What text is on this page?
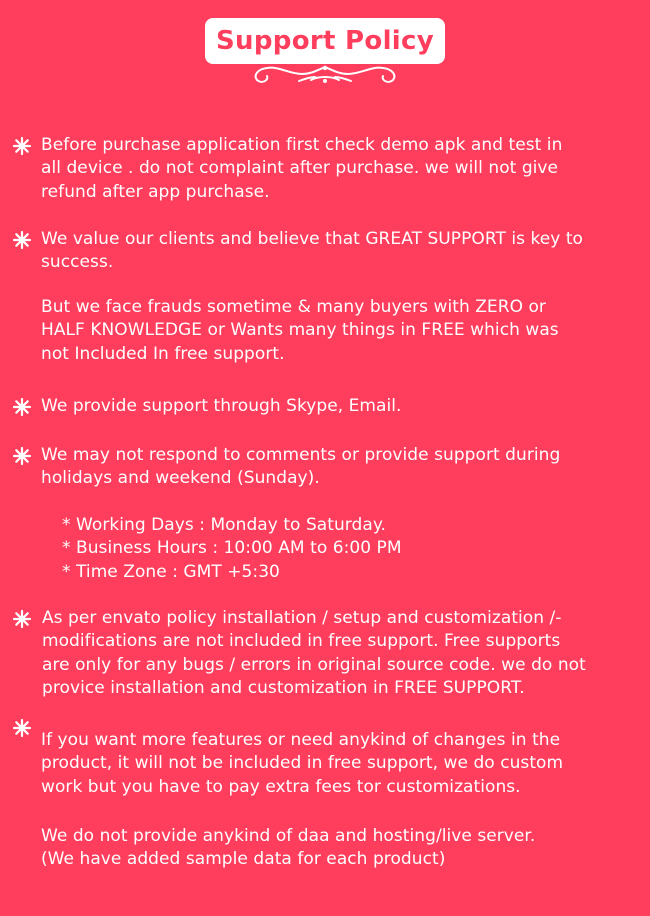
Support Policy
Before purchase application first check demo apk and test in
all device . do not complaint after purchase. we will not give
refund after app purchase.
We value our clients and believe that GREAT SUPPORT is key to
success.
But we face frauds sometime & many buyers with ZERO or
HALF KNOWLEDGE or Wants many things in FREE which was
not Included In free support.
We provide support through Skype, Email.
We may not respond to comments or provide support during
holidays and weekend (Sunday).
* Working Days : Monday to Saturday.
* Business Hours : 10:00 AM to 6:00 PM
* Time Zone : GMT +5:30
As per envato policy installation / setup and customization /-
modifications are not included in free support. Free supports
are only for any bugs / errors in original source code. we do not
provice installation and customization in FREE SUPPORT.
If you want more features or need anykind of changes in the
product, it will not be included in free support, we do custom
work but you have to pay extra fees tor customizations.
We do not provide anykind of daa and hosting/live server.
(We have added sample data for each product)
